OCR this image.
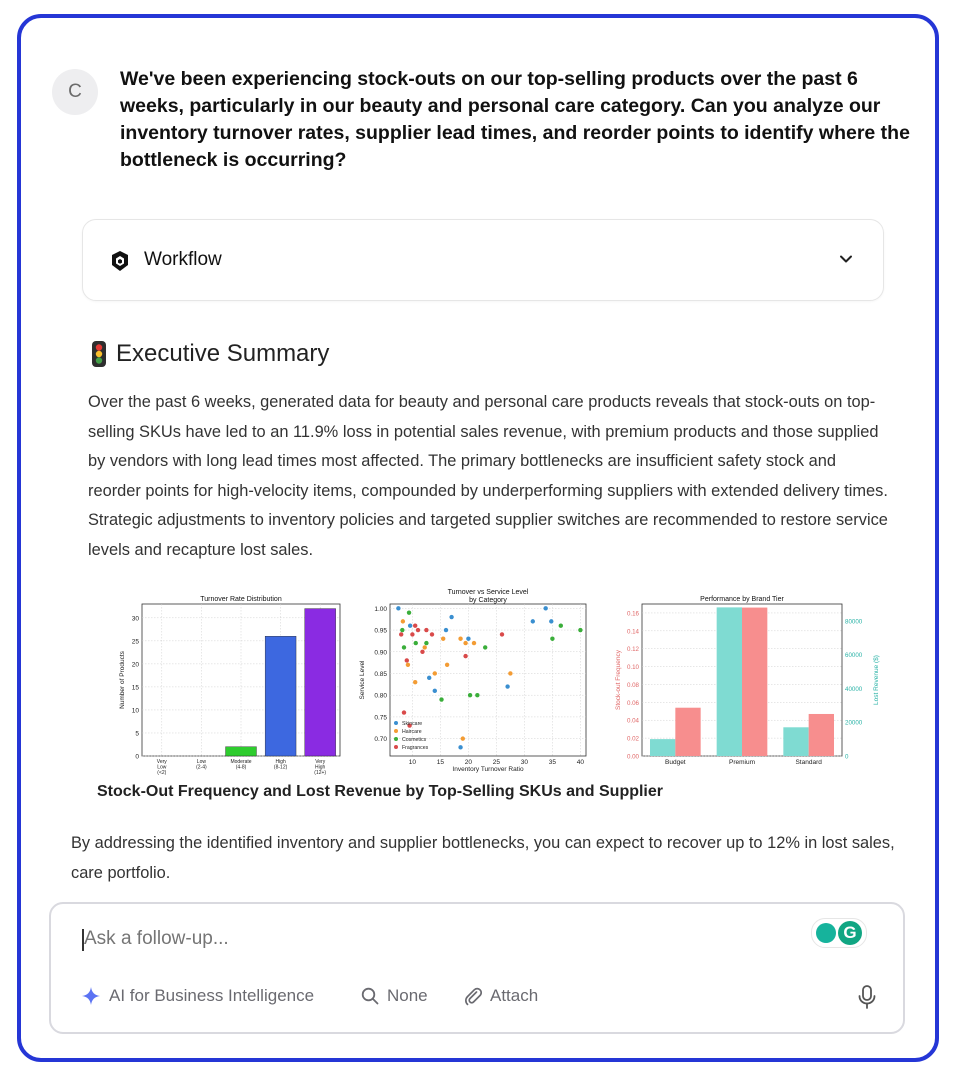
C
We've been experiencing stock-outs on our top-selling products over the past 6 weeks, particularly in our beauty and personal care category. Can you analyze our inventory turnover rates, supplier lead times, and reorder points to identify where the bottleneck is occurring?
Workflow
Executive Summary
Over the past 6 weeks, generated data for beauty and personal care products reveals that stock-outs on top-selling SKUs have led to an 11.9% loss in potential sales revenue, with premium products and those supplied by vendors with long lead times most affected. The primary bottlenecks are insufficient safety stock and reorder points for high-velocity items, compounded by underperforming suppliers with extended delivery times. Strategic adjustments to inventory policies and targeted supplier switches are recommended to restore service levels and recapture lost sales.
Turnover Rate Distribution
0
5
10
15
20
25
30
Very Low (<2)
Low (2-4)
Moderate (4-8)
High (8-12)
Very High (12+)
Number of Products
Turnover vs Service Level
by Category
10	15	20	25	30	35	40
0.70
0.75
0.80
0.85
0.90
0.95
1.00
Skincare
Haircare
Cosmetics
Fragrances
Inventory Turnover Ratio
Service Level
Stock-Out Frequency and Lost Revenue by Top-Selling SKUs and Supplier
By addressing the identified inventory and supplier bottlenecks, you can expect to recover up to 12% in lost sales, care portfolio.
Ask a follow-up...
G
AI for Business Intelligence	None	Attach
Performance by Brand Tier
0.00
0.02
0.04
0.06
0.08
0.10
0.12
0.14
0.16
0
20000
40000
60000
80000
Budget	Premium	Standard
Stock-out Frequency	Lost Revenue ($)
